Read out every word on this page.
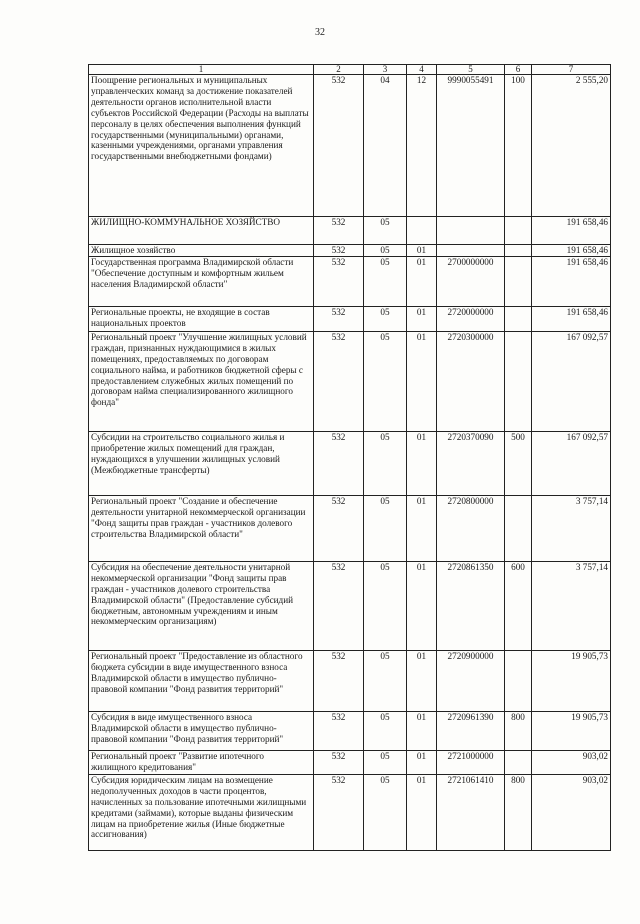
32
1	2	3	4	5	6	7
Поощрение региональных и муниципальных управленческих команд за достижение показателей деятельности органов исполнительной власти субъектов Российской Федерации (Расходы на выплаты персоналу в целях обеспечения выполнения функций государственными (муниципальными) органами, казенными учреждениями, органами управления государственными внебюджетными фондами)	532	04	12	9990055491	100	2 555,20
ЖИЛИЩНО-КОММУНАЛЬНОЕ ХОЗЯЙСТВО	532	05				191 658,46
Жилищное хозяйство	532	05	01			191 658,46
Государственная программа Владимирской области "Обеспечение доступным и комфортным жильем населения Владимирской области"	532	05	01	2700000000		191 658,46
Региональные проекты, не входящие в состав национальных проектов	532	05	01	2720000000		191 658,46
Региональный проект "Улучшение жилищных условий граждан, признанных нуждающимися в жилых помещениях, предоставляемых по договорам социального найма, и работников бюджетной сферы с предоставлением служебных жилых помещений по договорам найма специализированного жилищного фонда"	532	05	01	2720300000		167 092,57
Субсидии на строительство социального жилья и приобретение жилых помещений для граждан, нуждающихся в улучшении жилищных условий (Межбюджетные трансферты)	532	05	01	2720370090	500	167 092,57
Региональный проект "Создание и обеспечение деятельности унитарной некоммерческой организации "Фонд защиты прав граждан - участников долевого строительства Владимирской области"	532	05	01	2720800000		3 757,14
Субсидия на обеспечение деятельности унитарной некоммерческой организации "Фонд защиты прав граждан - участников долевого строительства Владимирской области" (Предоставление субсидий бюджетным, автономным учреждениям и иным некоммерческим организациям)	532	05	01	2720861350	600	3 757,14
Региональный проект "Предоставление из областного бюджета субсидии в виде имущественного взноса Владимирской области в имущество публично-правовой компании "Фонд развития территорий"	532	05	01	2720900000		19 905,73
Субсидия в виде имущественного взноса Владимирской области в имущество публично-правовой компании "Фонд развития территорий"	532	05	01	2720961390	800	19 905,73
Региональный проект "Развитие ипотечного жилищного кредитования"	532	05	01	2721000000		903,02
Субсидия юридическим лицам на возмещение недополученных доходов в части процентов, начисленных за пользование ипотечными жилищными кредитами (займами), которые выданы физическим лицам на приобретение жилья (Иные бюджетные ассигнования)	532	05	01	2721061410	800	903,02
